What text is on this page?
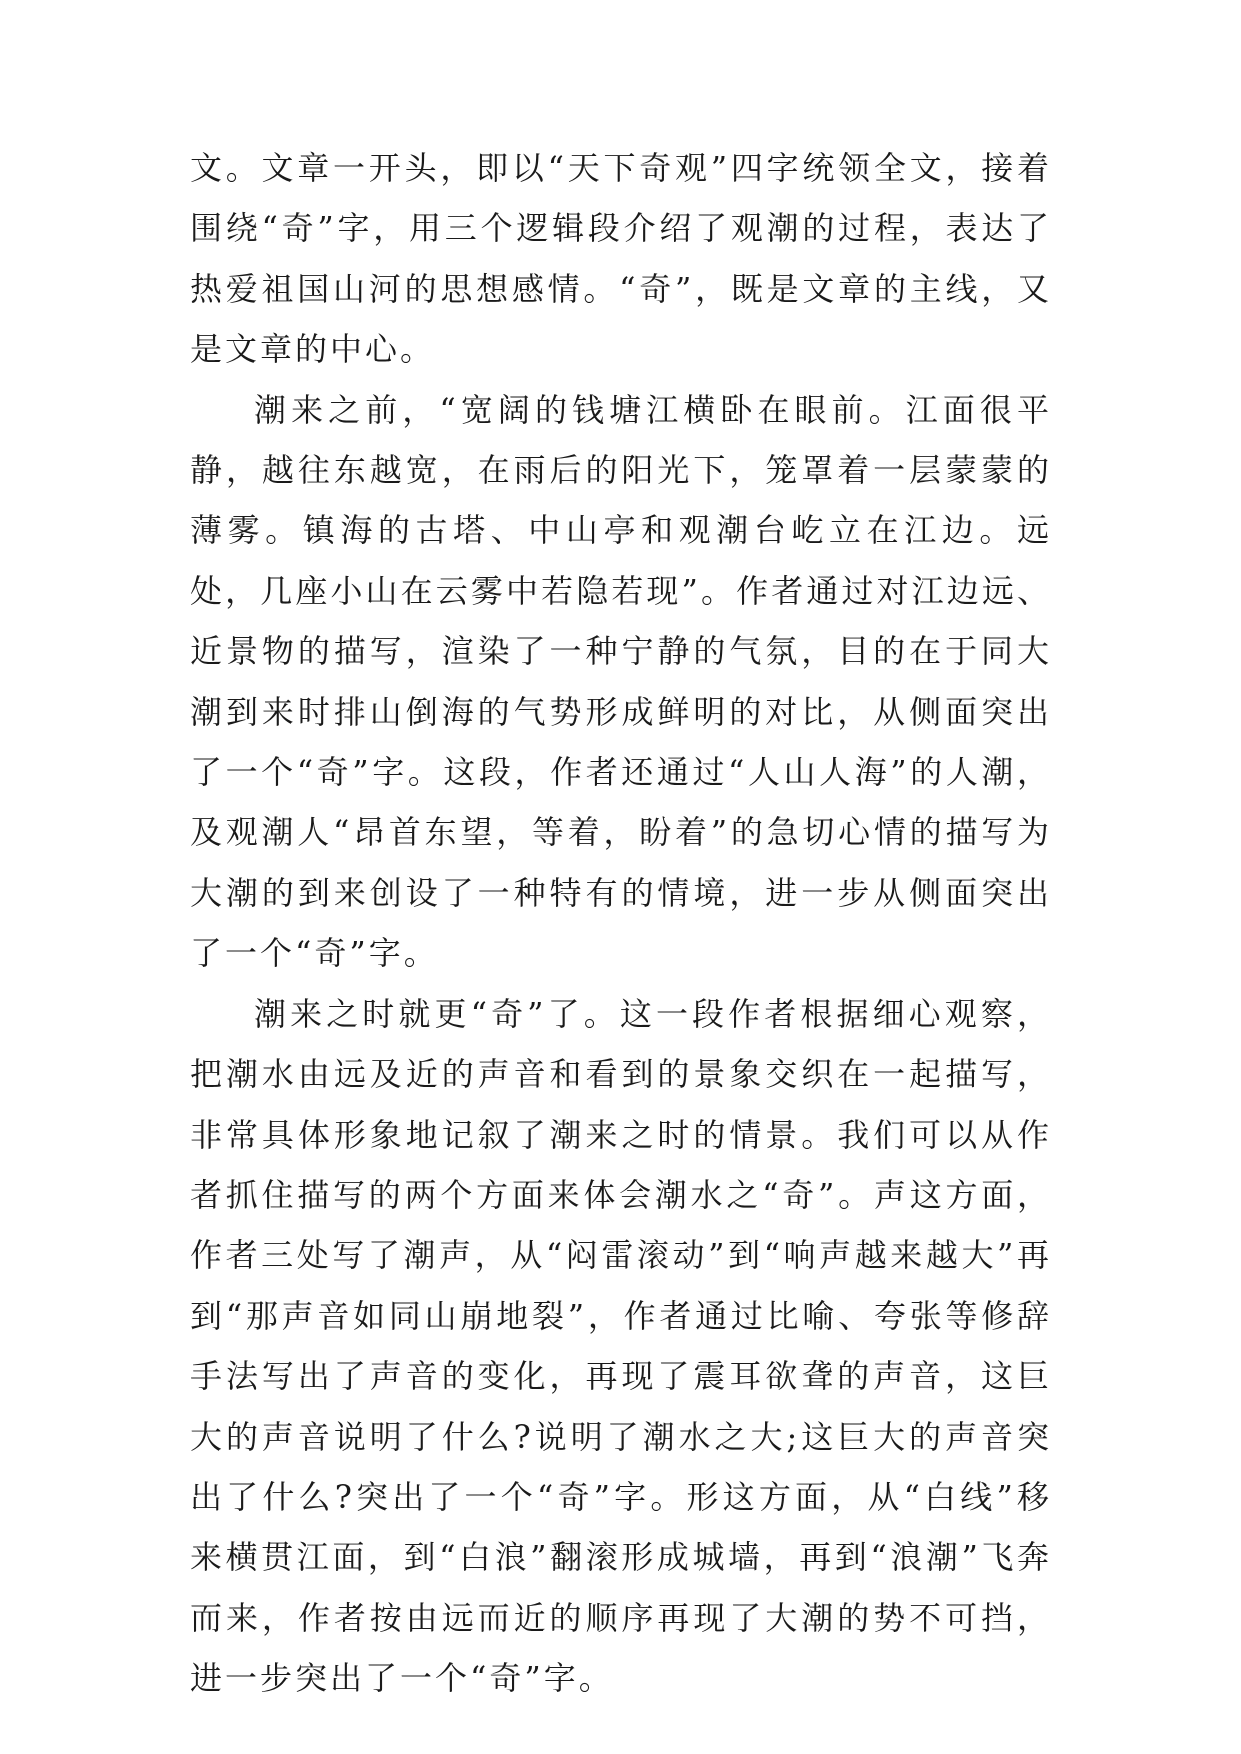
文。文章一开头，即以“天下奇观”四字统领全文，接着围绕“奇”字，用三个逻辑段介绍了观潮的过程，表达了热爱祖国山河的思想感情。“奇”，既是文章的主线，又是文章的中心。

潮来之前，“宽阔的钱塘江横卧在眼前。江面很平静，越往东越宽，在雨后的阳光下，笼罩着一层蒙蒙的薄雾。镇海的古塔、中山亭和观潮台屹立在江边。远处，几座小山在云雾中若隐若现”。作者通过对江边远、近景物的描写，渲染了一种宁静的气氛，目的在于同大潮到来时排山倒海的气势形成鲜明的对比，从侧面突出了一个“奇”字。这段，作者还通过“人山人海”的人潮，及观潮人“昂首东望，等着，盼着”的急切心情的描写为大潮的到来创设了一种特有的情境，进一步从侧面突出了一个“奇”字。

潮来之时就更“奇”了。这一段作者根据细心观察，把潮水由远及近的声音和看到的景象交织在一起描写，非常具体形象地记叙了潮来之时的情景。我们可以从作者抓住描写的两个方面来体会潮水之“奇”。声这方面，作者三处写了潮声，从“闷雷滚动”到“响声越来越大”再到“那声音如同山崩地裂”，作者通过比喻、夸张等修辞手法写出了声音的变化，再现了震耳欲聋的声音，这巨大的声音说明了什么?说明了潮水之大;这巨大的声音突出了什么?突出了一个“奇”字。形这方面，从“白线”移来横贯江面，到“白浪”翻滚形成城墙，再到“浪潮”飞奔而来，作者按由远而近的顺序再现了大潮的势不可挡，进一步突出了一个“奇”字。
